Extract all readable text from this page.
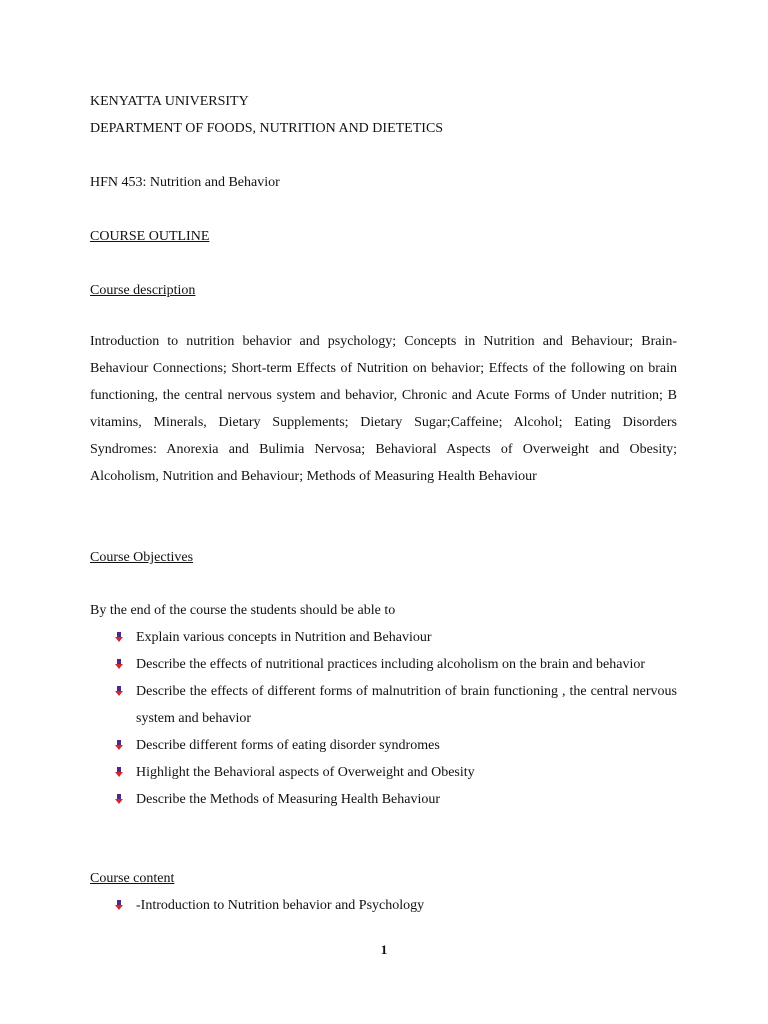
KENYATTA UNIVERSITY

DEPARTMENT OF FOODS, NUTRITION AND DIETETICS

HFN 453: Nutrition and Behavior

COURSE OUTLINE

Course description

Introduction to nutrition behavior and psychology; Concepts in Nutrition and Behaviour; Brain-Behaviour Connections; Short-term Effects of Nutrition on behavior; Effects of the following on brain functioning, the central nervous system and behavior, Chronic and Acute Forms of Under nutrition; B vitamins, Minerals, Dietary Supplements; Dietary Sugar;Caffeine; Alcohol; Eating Disorders Syndromes: Anorexia and Bulimia Nervosa; Behavioral Aspects of Overweight and Obesity; Alcoholism, Nutrition and Behaviour; Methods of Measuring Health Behaviour

Course Objectives

By the end of the course the students should be able to

Explain various concepts in Nutrition and Behaviour
Describe the effects of nutritional practices including alcoholism on the brain and behavior
Describe the effects of different forms of malnutrition of brain functioning , the central nervous system and behavior
Describe different forms of eating disorder syndromes
Highlight the Behavioral aspects of Overweight and Obesity
Describe the Methods of Measuring Health Behaviour

Course content

-Introduction to Nutrition behavior and Psychology
1
